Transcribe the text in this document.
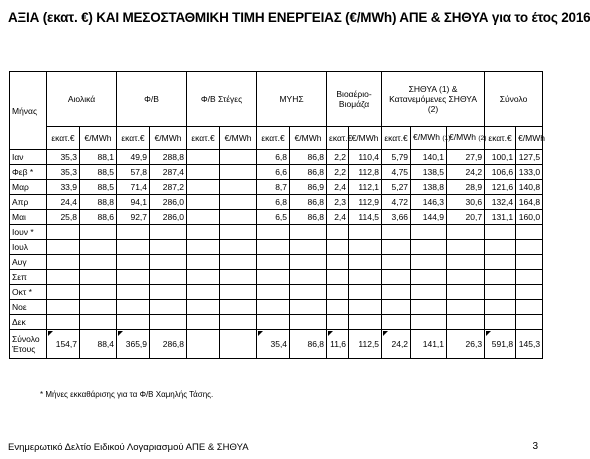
ΑΞΙΑ (εκατ. €) ΚΑΙ ΜΕΣΟΣΤΑΘΜΙΚΗ ΤΙΜΗ ΕΝΕΡΓΕΙΑΣ (€/MWh) ΑΠΕ & ΣΗΘΥΑ για το έτος 2016
Μήνας	Αιολικά		Φ/Β		Φ/Β Στέγες		ΜΥΗΣ		Βιοαέριο-Βιομάζα		ΣΗΘΥΑ (1) & Κατανεμόμενες ΣΗΘΥΑ (2)			Σύνολο	
	εκατ.€	€/MWh	εκατ.€	€/MWh	εκατ.€	€/MWh	εκατ.€	€/MWh	εκατ.€	€/MWh	εκατ.€	€/MWh (1)	€/MWh (2)	εκατ.€	€/MWh
Ιαν	35,3	88,1	49,9	288,8			6,8	86,8	2,2	110,4	5,79	140,1	27,9	100,1	127,5
Φεβ *	35,3	88,5	57,8	287,4			6,6	86,8	2,2	112,8	4,75	138,5	24,2	106,6	133,0
Μαρ	33,9	88,5	71,4	287,2			8,7	86,9	2,4	112,1	5,27	138,8	28,9	121,6	140,8
Απρ	24,4	88,8	94,1	286,0			6,8	86,8	2,3	112,9	4,72	146,3	30,6	132,4	164,8
Μαι	25,8	88,6	92,7	286,0			6,5	86,8	2,4	114,5	3,66	144,9	20,7	131,1	160,0
Ιουν *															
Ιουλ															
Αυγ															
Σεπ															
Οκτ *															
Νοε															
Δεκ															
Σύνολο Έτους	154,7	88,4	365,9	286,8			35,4	86,8	11,6	112,5	24,2	141,1	26,3	591,8	145,3
* Μήνες εκκαθάρισης για τα Φ/Β Χαμηλής Τάσης.
Ενημερωτικό Δελτίο Ειδικού Λογαριασμού ΑΠΕ & ΣΗΘΥΑ	3
